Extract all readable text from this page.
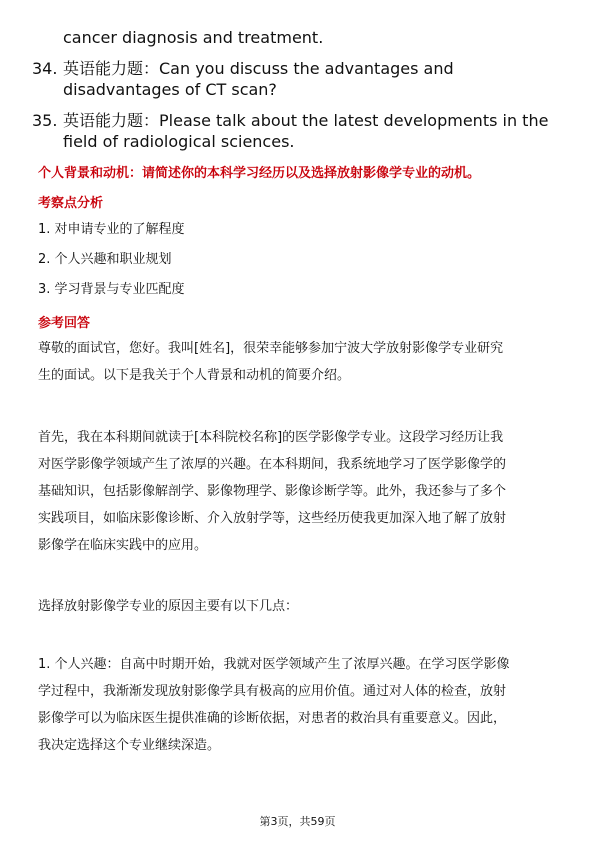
cancer diagnosis and treatment.
34. 英语能力题：Can you discuss the advantages and
disadvantages of CT scan?
35. 英语能力题：Please talk about the latest developments in the
field of radiological sciences.
个人背景和动机：请简述你的本科学习经历以及选择放射影像学专业的动机。
考察点分析
1. 对申请专业的了解程度
2. 个人兴趣和职业规划
3. 学习背景与专业匹配度
参考回答
尊敬的面试官，您好。我叫[姓名]，很荣幸能够参加宁波大学放射影像学专业研究
生的面试。以下是我关于个人背景和动机的简要介绍。
首先，我在本科期间就读于[本科院校名称]的医学影像学专业。这段学习经历让我
对医学影像学领域产生了浓厚的兴趣。在本科期间，我系统地学习了医学影像学的
基础知识，包括影像解剖学、影像物理学、影像诊断学等。此外，我还参与了多个
实践项目，如临床影像诊断、介入放射学等，这些经历使我更加深入地了解了放射
影像学在临床实践中的应用。
选择放射影像学专业的原因主要有以下几点：
1. 个人兴趣：自高中时期开始，我就对医学领域产生了浓厚兴趣。在学习医学影像
学过程中，我渐渐发现放射影像学具有极高的应用价值。通过对人体的检查，放射
影像学可以为临床医生提供准确的诊断依据，对患者的救治具有重要意义。因此，
我决定选择这个专业继续深造。
第3页，共59页
